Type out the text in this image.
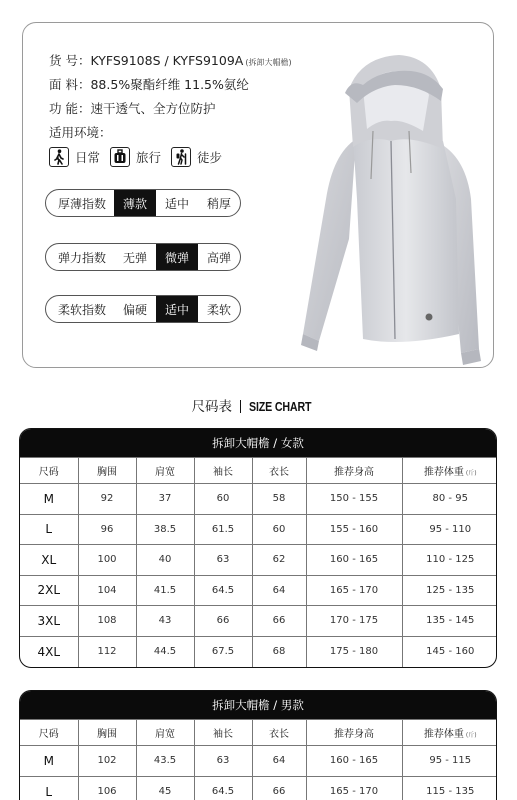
货 号：KYFS9108S / KYFS9109A (拆卸大帽檐)
面 料：88.5%聚酯纤维 11.5%氨纶
功 能：速干透气、全方位防护
适用环境：
日常	旅行	徒步
厚薄指数	薄款	适中	稍厚
弹力指数	无弹	微弹	高弹
柔软指数	偏硬	适中	柔软
尺码表 SIZE CHART
拆卸大帽檐 / 女款
尺码	胸围	肩宽	袖长	衣长	推荐身高	推荐体重 (斤)
M	92	37	60	58	150 - 155	80 - 95
L	96	38.5	61.5	60	155 - 160	95 - 110
XL	100	40	63	62	160 - 165	110 - 125
2XL	104	41.5	64.5	64	165 - 170	125 - 135
3XL	108	43	66	66	170 - 175	135 - 145
4XL	112	44.5	67.5	68	175 - 180	145 - 160
拆卸大帽檐 / 男款
尺码	胸围	肩宽	袖长	衣长	推荐身高	推荐体重 (斤)
M	102	43.5	63	64	160 - 165	95 - 115
L	106	45	64.5	66	165 - 170	115 - 135
